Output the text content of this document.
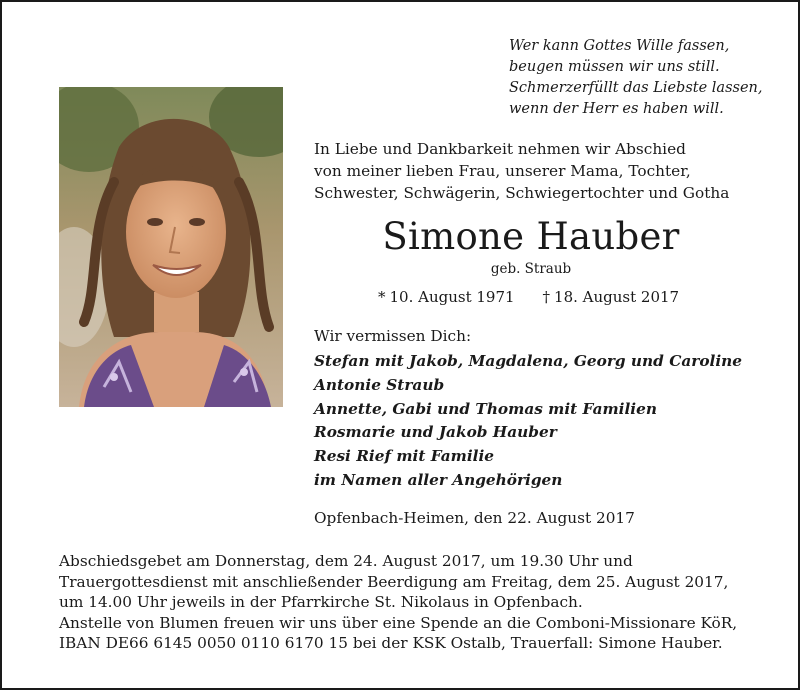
Wer kann Gottes Wille fassen,
beugen müssen wir uns still.
Schmerzerfüllt das Liebste lassen,
wenn der Herr es haben will.
In Liebe und Dankbarkeit nehmen wir Abschied
von meiner lieben Frau, unserer Mama, Tochter,
Schwester, Schwägerin, Schwiegertochter und Gotha
Simone Hauber
geb. Straub
* 10. August 1971 † 18. August 2017
Wir vermissen Dich:
Stefan mit Jakob, Magdalena, Georg und Caroline
Antonie Straub
Annette, Gabi und Thomas mit Familien
Rosmarie und Jakob Hauber
Resi Rief mit Familie
im Namen aller Angehörigen
Opfenbach-Heimen, den 22. August 2017
Abschiedsgebet am Donnerstag, dem 24. August 2017, um 19.30 Uhr und
Trauergottesdienst mit anschließender Beerdigung am Freitag, dem 25. August 2017,
um 14.00 Uhr jeweils in der Pfarrkirche St. Nikolaus in Opfenbach.
Anstelle von Blumen freuen wir uns über eine Spende an die Comboni-Missionare KöR,
IBAN DE66 6145 0050 0110 6170 15 bei der KSK Ostalb, Trauerfall: Simone Hauber.
